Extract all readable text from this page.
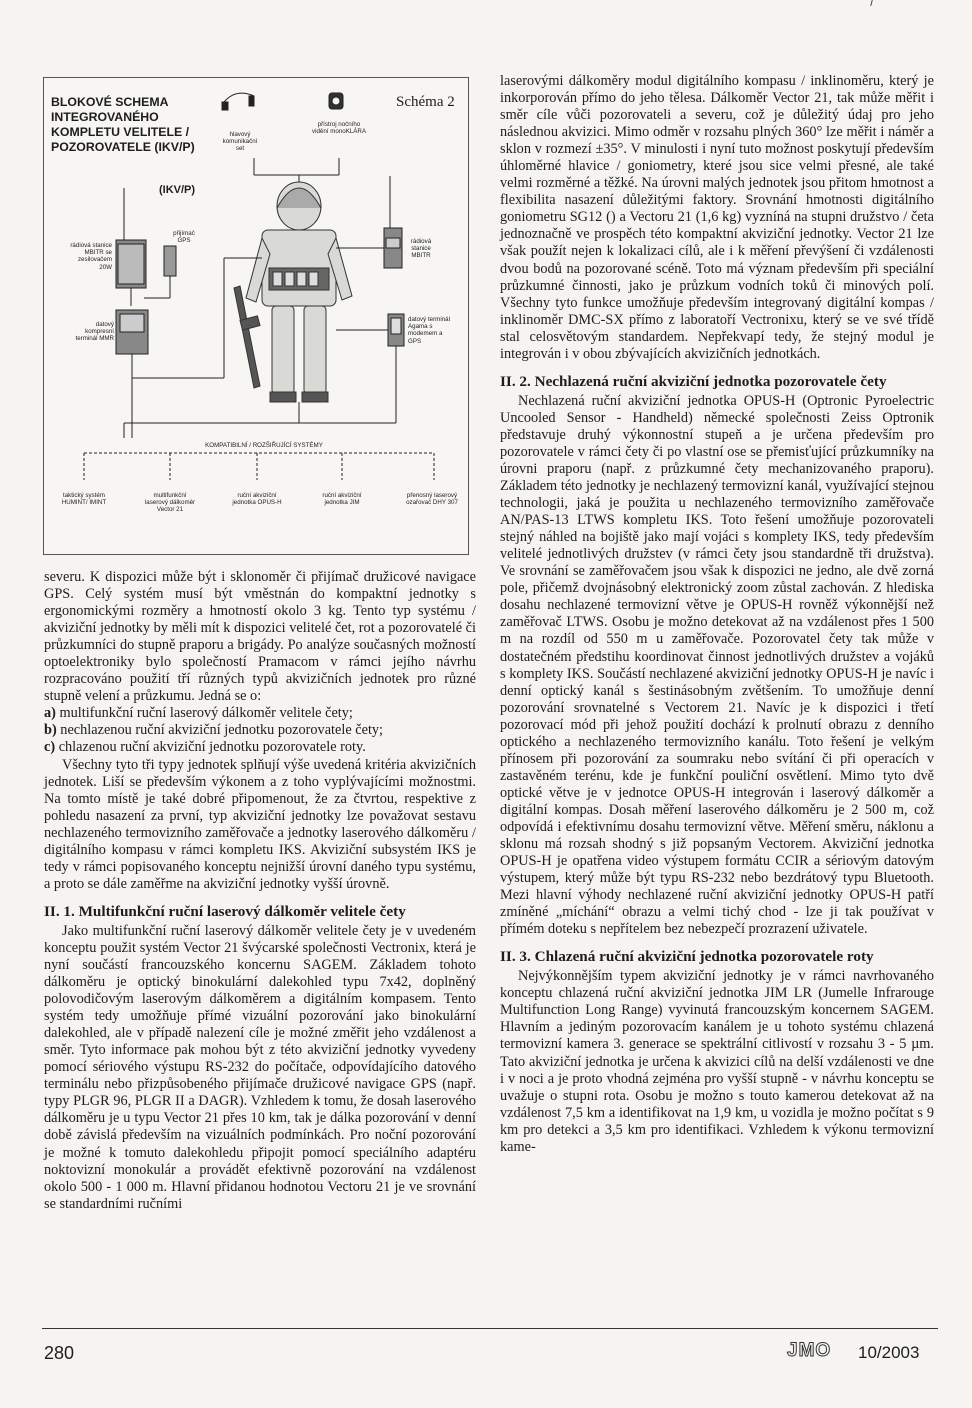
BLOKOVÉ SCHEMA INTEGROVANÉHO KOMPLETU VELITELE / POZOROVATELE (IKV/P)
Schéma 2
(IKV/P)
hlavový komunikační set
přístroj nočního vidění monoKLÁRA
rádiová stanice MBITR se zesilovačem 20W
přijímač GPS
datový kompresní terminál MMR
rádiová stanice MBITR
datový terminál Agama s modemem a GPS
KOMPATIBILNÍ / ROZŠIŘUJÍCÍ SYSTÉMY
taktický systém HUMINT/ IMINT
multifunkční laserový dálkoměr Vector 21
ruční akviziční jednotka OPUS-H
ruční akviziční jednotka JIM
přenosný laserový ozařovač DHY 307

severu. K dispozici může být i sklonoměr či přijímač družicové navigace GPS. Celý systém musí být vměstnán do kompaktní jednotky s ergonomickými rozměry a hmotností okolo 3 kg. Tento typ systému / akviziční jednotky by měli mít k dispozici velitelé čet, rot a pozorovatelé či průzkumníci do stupně praporu a brigády. Po analýze současných možností optoelektroniky bylo společností Pramacom v rámci jejího návrhu rozpracováno použití tří různých typů akvizičních jednotek pro různé stupně velení a průzkumu. Jedná se o:

a) multifunkční ruční laserový dálkoměr velitele čety;

b) nechlazenou ruční akviziční jednotku pozorovatele čety;

c) chlazenou ruční akviziční jednotku pozorovatele roty.

Všechny tyto tři typy jednotek splňují výše uvedená kritéria akvizičních jednotek. Liší se především výkonem a z toho vyplývajícími možnostmi. Na tomto místě je také dobré připomenout, že za čtvrtou, respektive z pohledu nasazení za první, typ akviziční jednotky lze považovat sestavu nechlazeného termovizního zaměřovače a jednotky laserového dálkoměru / digitálního kompasu v rámci kompletu IKS. Akviziční subsystém IKS je tedy v rámci popisovaného konceptu nejnižší úrovní daného typu systému, a proto se dále zaměřme na akviziční jednotky vyšší úrovně.

II. 1. Multifunkční ruční laserový dálkoměr velitele čety

Jako multifunkční ruční laserový dálkoměr velitele čety je v uvedeném konceptu použit systém Vector 21 švýcarské společnosti Vectronix, která je nyní součástí francouzského koncernu SAGEM. Základem tohoto dálkoměru je optický binokulární dalekohled typu 7x42, doplněný polovodičovým laserovým dálkoměrem a digitálním kompasem. Tento systém tedy umožňuje přímé vizuální pozorování jako binokulární dalekohled, ale v případě nalezení cíle je možné změřit jeho vzdálenost a směr. Tyto informace pak mohou být z této akviziční jednotky vyvedeny pomocí sériového výstupu RS-232 do počítače, odpovídajícího datového terminálu nebo přizpůsobeného přijímače družicové navigace GPS (např. typy PLGR 96, PLGR II a DAGR). Vzhledem k tomu, že dosah laserového dálkoměru je u typu Vector 21 přes 10 km, tak je dálka pozorování v denní době závislá především na vizuálních podmínkách. Pro noční pozorování je možné k tomuto dalekohledu připojit pomocí speciálního adaptéru noktovizní monokulár a provádět efektivně pozorování na vzdálenost okolo 500 - 1 000 m. Hlavní přidanou hodnotou Vectoru 21 je ve srovnání se standardními ručními

laserovými dálkoměry modul digitálního kompasu / inklinoměru, který je inkorporován přímo do jeho tělesa. Dálkoměr Vector 21, tak může měřit i směr cíle vůči pozorovateli a severu, což je důležitý údaj pro jeho následnou akvizici. Mimo odměr v rozsahu plných 360° lze měřit i náměr a sklon v rozmezí ±35°. V minulosti i nyní tuto možnost poskytují především úhloměrné hlavice / goniometry, které jsou sice velmi přesné, ale také velmi rozměrné a těžké. Na úrovni malých jednotek jsou přitom hmotnost a flexibilita nasazení důležitými faktory. Srovnání hmotnosti digitálního goniometru SG12 () a Vectoru 21 (1,6 kg) vyzníná na stupni družstvo / četa jednoznačně ve prospěch této kompaktní akviziční jednotky. Vector 21 lze však použít nejen k lokalizaci cílů, ale i k měření převýšení či vzdálenosti dvou bodů na pozorované scéně. Toto má význam především při speciální průzkumné činnosti, jako je průzkum vodních toků či minových polí. Všechny tyto funkce umožňuje především integrovaný digitální kompas / inklinoměr DMC-SX přímo z laboratoří Vectronixu, který se ve své třídě stal celosvětovým standardem. Nepřekvapí tedy, že stejný modul je integrován i v obou zbývajících akvizičních jednotkách.

II. 2. Nechlazená ruční akviziční jednotka pozorovatele čety

Nechlazená ruční akviziční jednotka OPUS-H (Optronic Pyroelectric Uncooled Sensor - Handheld) německé společnosti Zeiss Optronik představuje druhý výkonnostní stupeň a je určena především pro pozorovatele v rámci čety či po vlastní ose se přemisťující průzkumníky na úrovni praporu (např. z průzkumné čety mechanizovaného praporu). Základem této jednotky je nechlazený termovizní kanál, využívající stejnou technologii, jaká je použita u nechlazeného termovizního zaměřovače AN/PAS-13 LTWS kompletu IKS. Toto řešení umožňuje pozorovateli stejný náhled na bojiště jako mají vojáci s komplety IKS, tedy především velitelé jednotlivých družstev (v rámci čety jsou standardně tři družstva). Ve srovnání se zaměřovačem jsou však k dispozici ne jedno, ale dvě zorná pole, přičemž dvojnásobný elektronický zoom zůstal zachován. Z hlediska dosahu nechlazené termovizní větve je OPUS-H rovněž výkonnější než zaměřovač LTWS. Osobu je možno detekovat až na vzdálenost přes 1 500 m na rozdíl od 550 m u zaměřovače. Pozorovatel čety tak může v dostatečném předstihu koordinovat činnost jednotlivých družstev a vojáků s komplety IKS. Součástí nechlazené akviziční jednotky OPUS-H je navíc i denní optický kanál s šestinásobným zvětšením. To umožňuje denní pozorování srovnatelné s Vectorem 21. Navíc je k dispozici i třetí pozorovací mód při jehož použití dochází k prolnutí obrazu z denního optického a nechlazeného termovizního kanálu. Toto řešení je velkým přínosem při pozorování za soumraku nebo svítání či při operacích v zastavěném terénu, kde je funkční pouliční osvětlení. Mimo tyto dvě optické větve je v jednotce OPUS-H integrován i laserový dálkoměr a digitální kompas. Dosah měření laserového dálkoměru je 2 500 m, což odpovídá i efektivnímu dosahu termovizní větve. Měření směru, náklonu a sklonu má rozsah shodný s již popsaným Vectorem. Akviziční jednotka OPUS-H je opatřena video výstupem formátu CCIR a sériovým datovým výstupem, který může být typu RS-232 nebo bezdrátový typu Bluetooth. Mezi hlavní výhody nechlazené ruční akviziční jednotky OPUS-H patří zmíněné „míchání“ obrazu a velmi tichý chod - lze ji tak používat v přímém doteku s nepřítelem bez nebezpečí prozrazení uživatele.

II. 3. Chlazená ruční akviziční jednotka pozorovatele roty

Nejvýkonnějším typem akviziční jednotky je v rámci navrhovaného konceptu chlazená ruční akviziční jednotka JIM LR (Jumelle Infrarouge Multifunction Long Range) vyvinutá francouzským koncernem SAGEM. Hlavním a jediným pozorovacím kanálem je u tohoto systému chlazená termovizní kamera 3. generace se spektrální citlivostí v rozsahu 3 - 5 µm. Tato akviziční jednotka je určena k akvizici cílů na delší vzdálenosti ve dne i v noci a je proto vhodná zejména pro vyšší stupně - v návrhu konceptu se uvažuje o stupni rota. Osobu je možno s touto kamerou detekovat až na vzdálenost 7,5 km a identifikovat na 1,9 km, u vozidla je možno počítat s 9 km pro detekci a 3,5 km pro identifikaci. Vzhledem k výkonu termovizní kame-

280	JMO 10/2003
